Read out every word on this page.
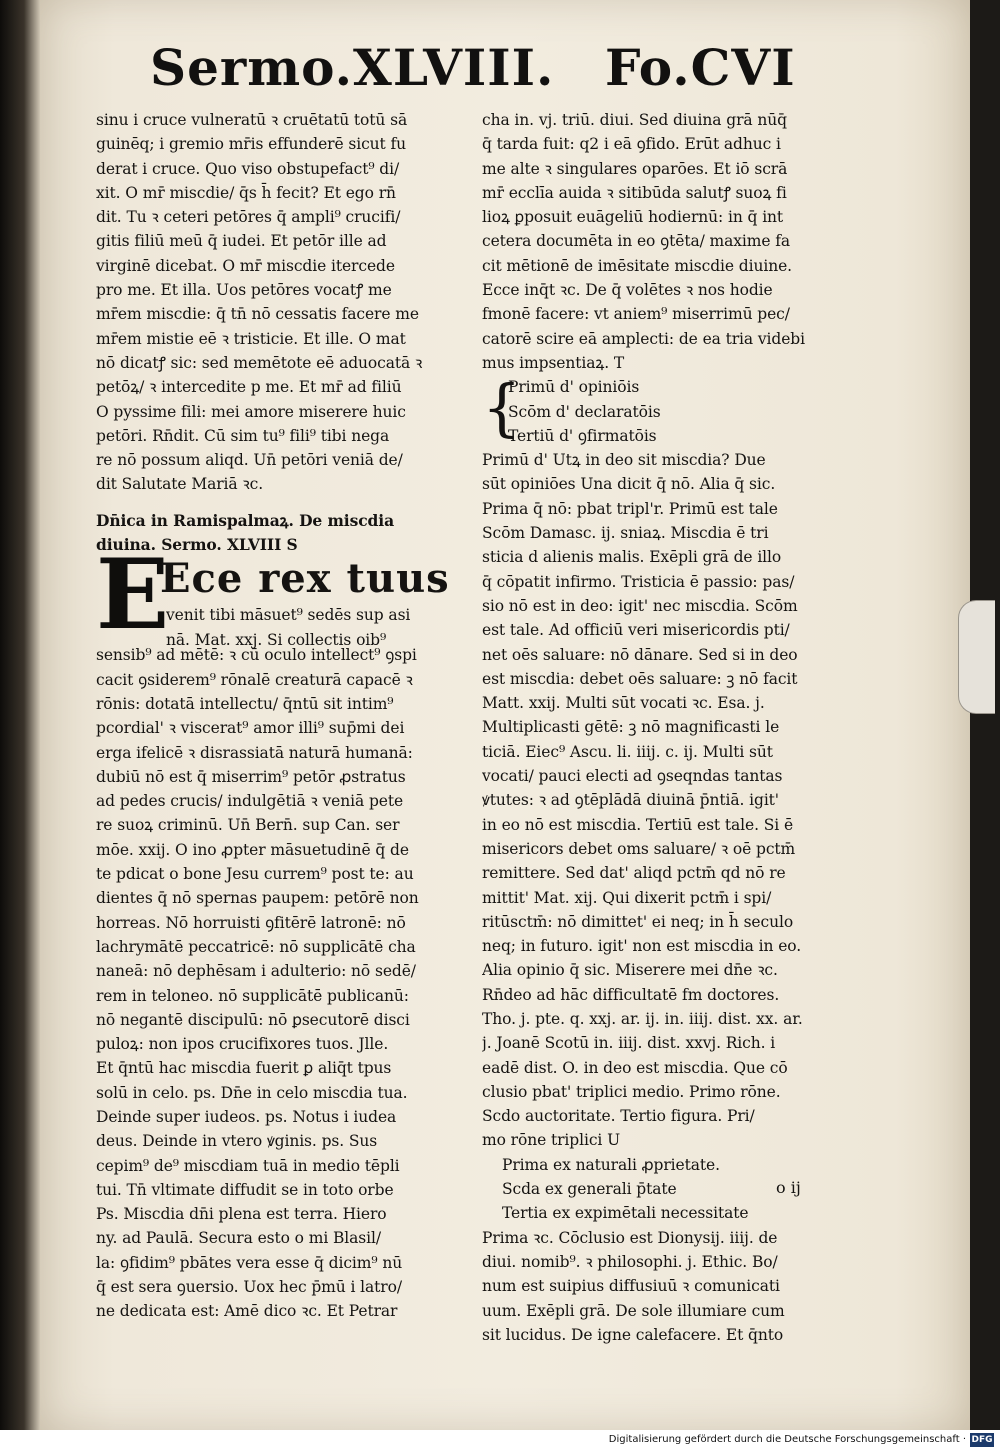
Sermo.XLVIII. Fo.CVI
sinu i cruce vulneratū ꝛ cruētatū totū sā
guinēq; i gremio mr̄is effunderē sicut fu
derat i cruce. Quo viso obstupefact⁹ di/
xit. O mr̄ miscdie/ q̄s h̄ fecit? Et ego rn̄
dit. Tu ꝛ ceteri petōres q̄ ampli⁹ crucifi/
gitis filiū meū q̄ iudei. Et petōr ille ad
virginē dicebat. O mr̄ miscdie itercede
pro me. Et illa. Uos petōres vocatꝭ me
mr̄em miscdie: q̄ tn̄ nō cessatis facere me
mr̄em mistie eē ꝛ tristicie. Et ille. O mat
nō dicatꝭ sic: sed memētote eē aduocatā ꝛ
petōꝝ/ ꝛ intercedite p me. Et mr̄ ad filiū
O pyssime fili: mei amore miserere huic
petōri. Rn̄dit. Cū sim tu⁹ fili⁹ tibi nega
re nō possum aliqd. Un̄ petōri veniā de/
dit Salutate Mariā ꝛc.
Dn̄ica in Ramispalmaꝝ. De miscdia
diuina. Sermo. XLVIII S
E
Ece rex tuus
venit tibi māsuet⁹ sedēs sup asi
nā. Mat. xxj. Si collectis oib⁹
sensib⁹ ad mētē: ꝛ cū oculo intellect⁹ ꝯspi
cacit ꝯsiderem⁹ rōnalē creaturā capacē ꝛ
rōnis: dotatā intellectu/ q̄ntū sit intim⁹
pcordial' ꝛ viscerat⁹ amor illi⁹ sup̄mi dei
erga ifelicē ꝛ disrassiatā naturā humanā:
dubiū nō est q̄ miserrim⁹ petōr ꝓstratus
ad pedes crucis/ indulgētiā ꝛ veniā pete
re suoꝝ criminū. Un̄ Bern̄. sup Can. ser
mōe. xxij. O ino ꝓpter māsuetudinē q̄ de
te pdicat o bone Jesu currem⁹ post te: au
dientes q̄ nō spernas paupem: petōrē non
horreas. Nō horruisti ꝯfitērē latronē: nō
lachrymātē peccatricē: nō supplicātē cha
naneā: nō dephēsam i adulterio: nō sedē/
rem in teloneo. nō supplicātē publicanū:
nō negantē discipulū: nō ꝑsecutorē disci
puloꝝ: non ipos crucifixores tuos. Jlle.
Et q̄ntū hac miscdia fuerit ꝑ aliq̄t tpus
solū in celo. ps. Dn̄e in celo miscdia tua.
Deinde super iudeos. ps. Notus i iudea
deus. Deinde in vtero ꝟginis. ps. Sus
cepim⁹ de⁹ miscdiam tuā in medio tēpli
tui. Tn̄ vltimate diffudit se in toto orbe
Ps. Miscdia dn̄i plena est terra. Hiero
ny. ad Paulā. Secura esto o mi Blasil/
la: ꝯfidim⁹ pbātes vera esse q̄ dicim⁹ nū
q̄ est sera ꝯuersio. Uox hec p̄mū i latro/
ne dedicata est: Amē dico ꝛc. Et Petrar
cha in. vj. triū. diui. Sed diuina grā nūq̄
q̄ tarda fuit: q2 i eā ꝯfido. Erūt adhuc i
me alte ꝛ singulares oparōes. Et iō scrā
mr̄ ecclīa auida ꝛ sitibūda salutꝭ suoꝝ fi
lioꝝ ꝑposuit euāgeliū hodiernū: in q̄ int
cetera documēta in eo ꝯtēta/ maxime fa
cit mētionē de imēsitate miscdie diuine.
Ecce inq̄t ꝛc. De q̄ volētes ꝛ nos hodie
fmonē facere: vt aniem⁹ miserrimū pec/
catorē scire eā amplecti: de ea tria videbi
mus impsentiaꝝ. T
{
Primū d' opiniōis
Scōm d' declaratōis
Tertiū d' ꝯfirmatōis
Primū d' Utꝝ in deo sit miscdia? Due
sūt opiniōes Una dicit q̄ nō. Alia q̄ sic.
Prima q̄ nō: pbat tripl'r. Primū est tale
Scōm Damasc. ij. sniaꝝ. Miscdia ē tri
sticia d alienis malis. Exēpli grā de illo
q̄ cōpatit infirmo. Tristicia ē passio: pas/
sio nō est in deo: igit' nec miscdia. Scōm
est tale. Ad officiū veri misericordis pti/
net oēs saluare: nō dānare. Sed si in deo
est miscdia: debet oēs saluare: ꝫ nō facit
Matt. xxij. Multi sūt vocati ꝛc. Esa. j.
Multiplicasti gētē: ꝫ nō magnificasti le
ticiā. Eiec⁹ Ascu. li. iiij. c. ij. Multi sūt
vocati/ pauci electi ad ꝯseqndas tantas
ꝟtutes: ꝛ ad ꝯtēplādā diuinā p̄ntiā. igit'
in eo nō est miscdia. Tertiū est tale. Si ē
misericors debet oms saluare/ ꝛ oē pctm̄
remittere. Sed dat' aliqd pctm̄ qd nō re
mittit' Mat. xij. Qui dixerit pctm̄ i spi/
ritūsctm̄: nō dimittet' ei neq; in h̄ seculo
neq; in futuro. igit' non est miscdia in eo.
Alia opinio q̄ sic. Miserere mei dn̄e ꝛc.
Rn̄deo ad hāc difficultatē fm doctores.
Tho. j. pte. q. xxj. ar. ij. in. iiij. dist. xx. ar.
j. Joanē Scotū in. iiij. dist. xxvj. Rich. i
eadē dist. O. in deo est miscdia. Que cō
clusio pbat' triplici medio. Primo rōne.
Scdo auctoritate. Tertio figura. Pri/
mo rōne triplici U
Prima ex naturali ꝓprietate.
Scda ex generali p̄tate
Tertia ex expimētali necessitate
Prima ꝛc. Cōclusio est Dionysij. iiij. de
diui. nomib⁹. ꝛ philosophi. j. Ethic. Bo/
num est suipius diffusiuū ꝛ comunicati
uum. Exēpli grā. De sole illumiare cum
sit lucidus. De igne calefacere. Et q̄nto
o ij
Digitalisierung gefördert durch die Deutsche Forschungsgemeinschaft · DFG
